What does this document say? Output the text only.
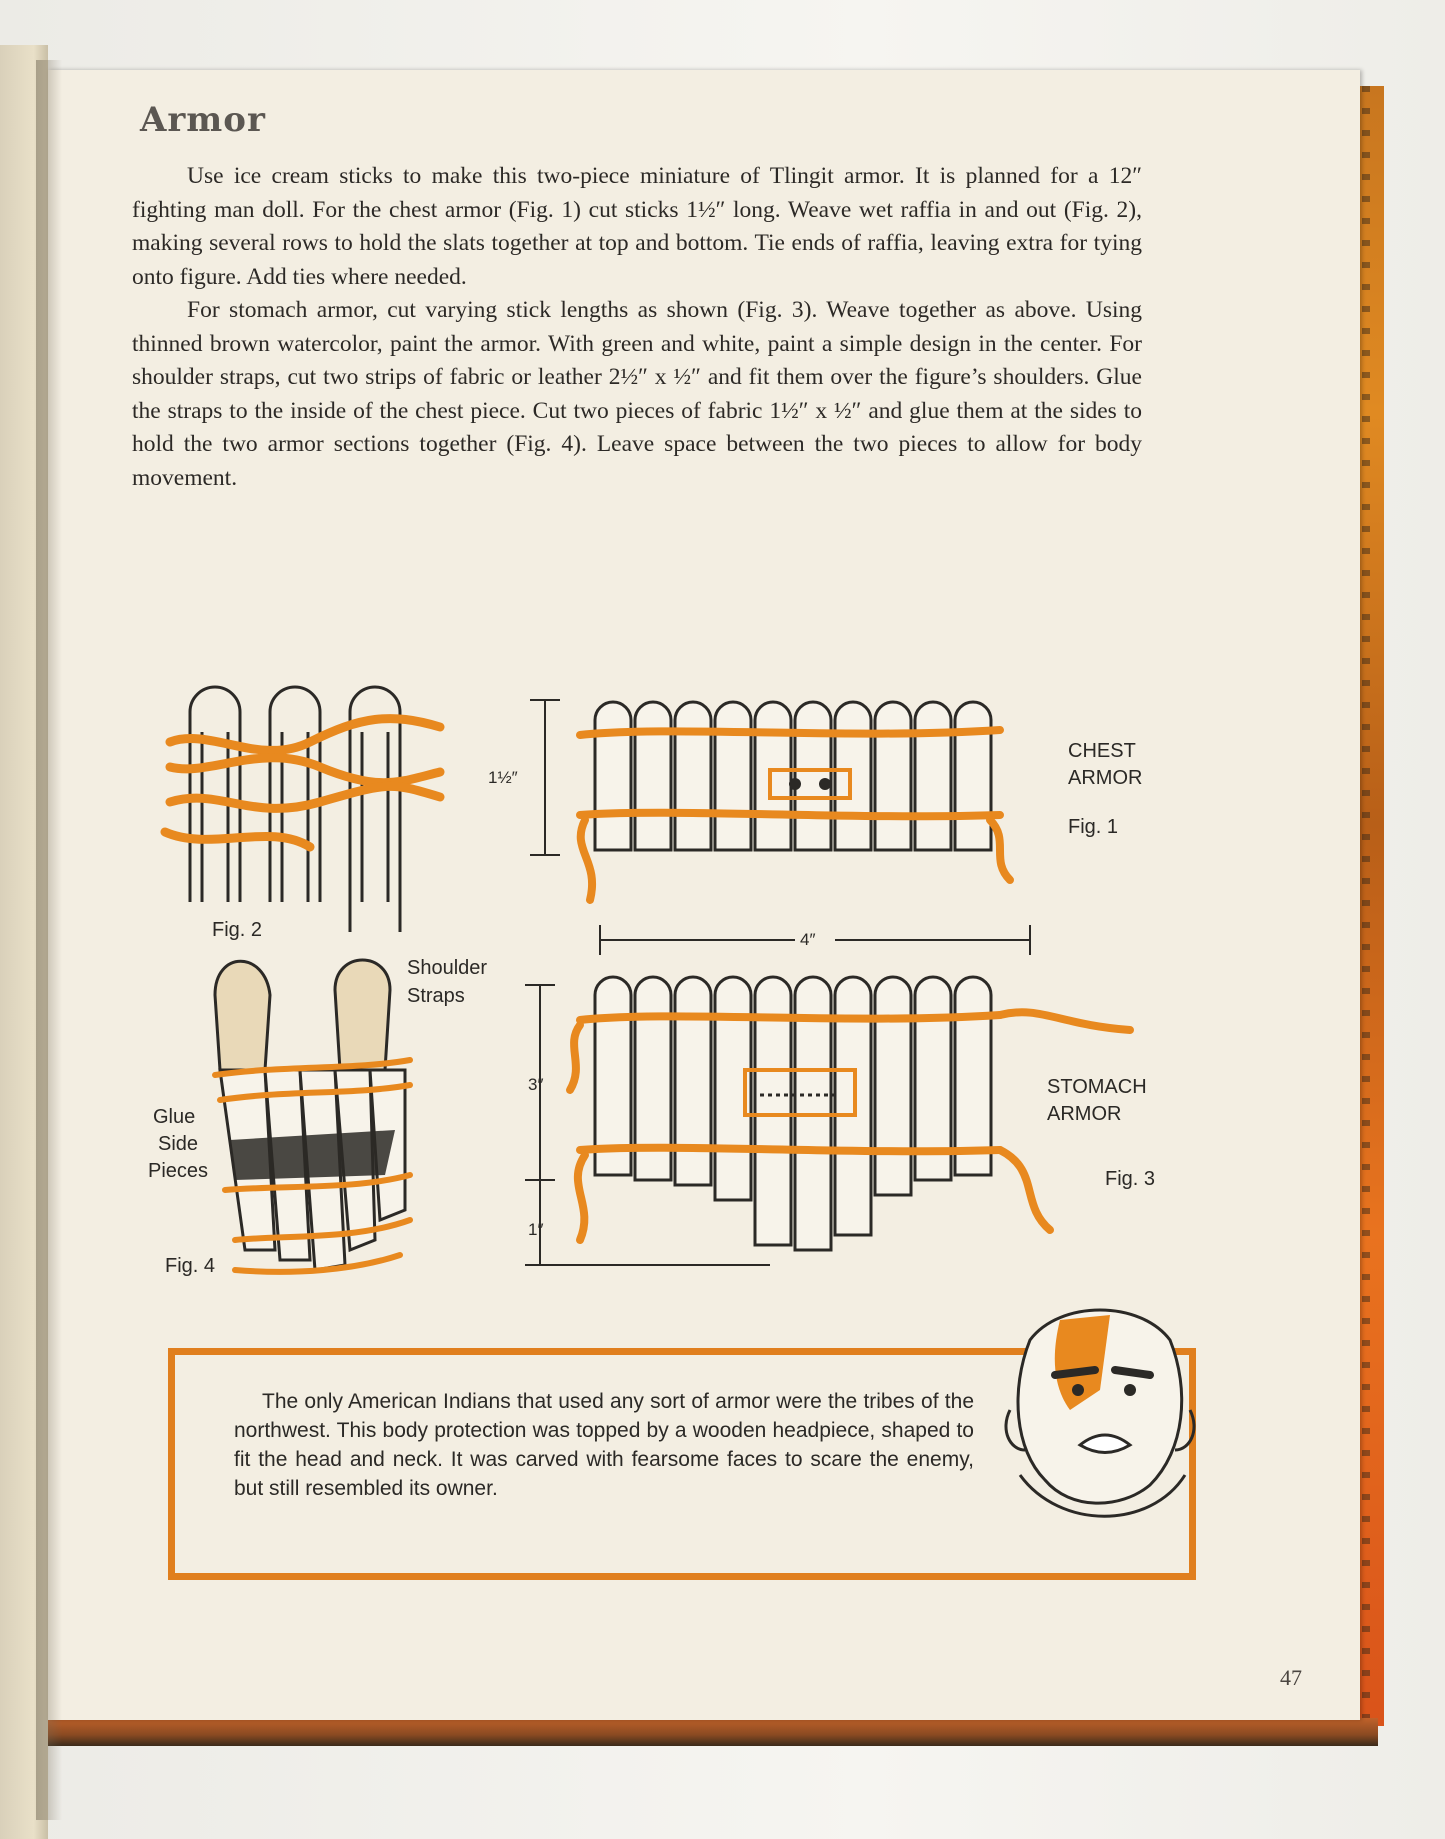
Armor

Use ice cream sticks to make this two-piece miniature of Tlingit armor. It is planned for a 12″ fighting man doll. For the chest armor (Fig. 1) cut sticks 1½″ long. Weave wet raffia in and out (Fig. 2), making several rows to hold the slats together at top and bottom. Tie ends of raffia, leaving extra for tying onto figure. Add ties where needed.

For stomach armor, cut varying stick lengths as shown (Fig. 3). Weave together as above. Using thinned brown watercolor, paint the armor. With green and white, paint a simple design in the center. For shoulder straps, cut two strips of fabric or leather 2½″ x ½″ and fit them over the figure’s shoulders. Glue the straps to the inside of the chest piece. Cut two pieces of fabric 1½″ x ½″ and glue them at the sides to hold the two armor sections together (Fig. 4). Leave space between the two pieces to allow for body movement.

Fig. 2
1½″
4″
CHEST
ARMOR
Fig. 1
3″
1″
STOMACH
ARMOR
Fig. 3
Shoulder
Straps
Glue
Side
Pieces
Fig. 4
The only American Indians that used any sort of armor were the tribes of the northwest. This body protection was topped by a wooden headpiece, shaped to fit the head and neck. It was carved with fearsome faces to scare the enemy, but still resembled its owner.
47
